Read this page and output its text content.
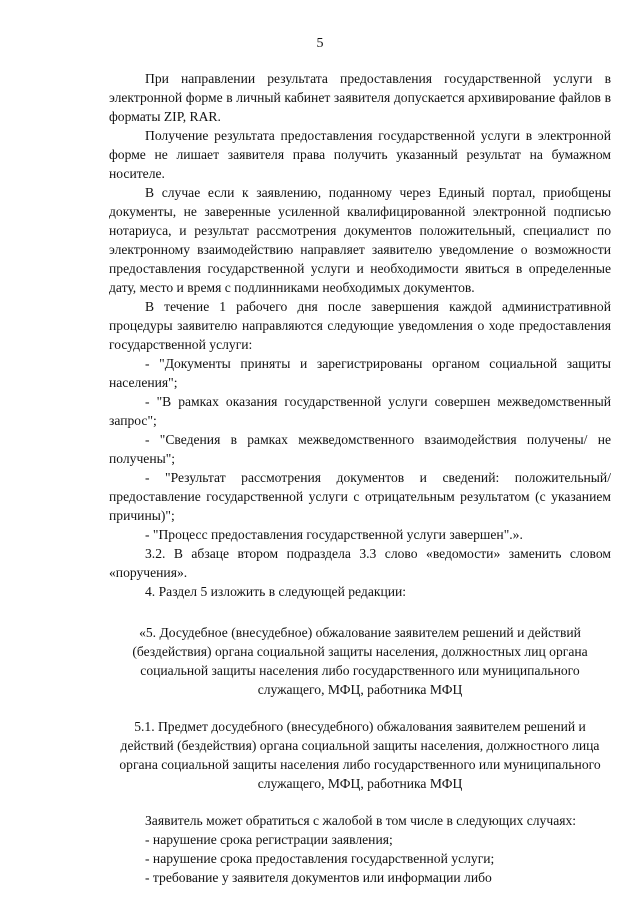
5

При направлении результата предоставления государственной услуги в электронной форме в личный кабинет заявителя допускается архивирование файлов в форматы ZIP, RAR.

Получение результата предоставления государственной услуги в электронной форме не лишает заявителя права получить указанный результат на бумажном носителе.

В случае если к заявлению, поданному через Единый портал, приобщены документы, не заверенные усиленной квалифицированной электронной подписью нотариуса, и результат рассмотрения документов положительный, специалист по электронному взаимодействию направляет заявителю уведомление о возможности предоставления государственной услуги и необходимости явиться в определенные дату, место и время с подлинниками необходимых документов.

В течение 1 рабочего дня после завершения каждой административной процедуры заявителю направляются следующие уведомления о ходе предоставления государственной услуги:

- "Документы приняты и зарегистрированы органом социальной защиты населения";

- "В рамках оказания государственной услуги совершен межведомственный запрос";

- "Сведения в рамках межведомственного взаимодействия получены/ не получены";

- "Результат рассмотрения документов и сведений: положительный/ предоставление государственной услуги с отрицательным результатом (с указанием причины)";

- "Процесс предоставления государственной услуги завершен".».

3.2. В абзаце втором подраздела 3.3 слово «ведомости» заменить словом «поручения».

4. Раздел 5 изложить в следующей редакции:

«5. Досудебное (внесудебное) обжалование заявителем решений и действий (бездействия) органа социальной защиты населения, должностных лиц органа социальной защиты населения либо государственного или муниципального служащего, МФЦ, работника МФЦ

5.1. Предмет досудебного (внесудебного) обжалования заявителем решений и действий (бездействия) органа социальной защиты населения, должностного лица органа социальной защиты населения либо государственного или муниципального служащего, МФЦ, работника МФЦ

Заявитель может обратиться с жалобой в том числе в следующих случаях:

- нарушение срока регистрации заявления;

- нарушение срока предоставления государственной услуги;

- требование у заявителя документов или информации либо
